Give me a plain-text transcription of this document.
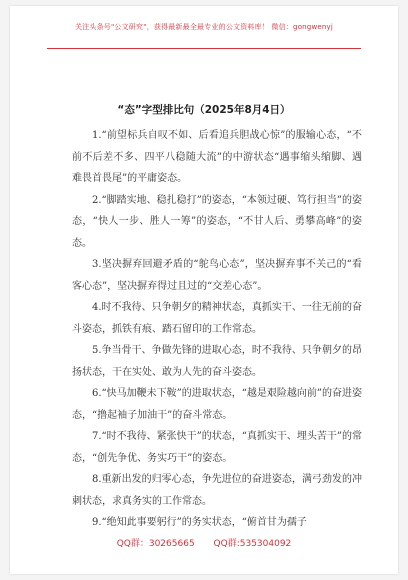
关注头条号"公文研究"，获得最新最全最专业的公文资料库！ 微信：gongwenyj
“态”字型排比句（2025年8月4日）

1.“前望标兵自叹不如、后看追兵胆战心惊”的服输心态，“不前不后差不多、四平八稳随大流”的中游状态“遇事缩头缩脚、遇难畏首畏尾”的平庸姿态。

2.“脚踏实地、稳扎稳打”的姿态，“本领过硬、笃行担当”的姿态，“快人一步、胜人一筹”的姿态，“不甘人后、勇攀高峰”的姿态。

3.坚决摒弃回避矛盾的“鸵鸟心态”，坚决摒弃事不关己的“看客心态”，坚决摒弃得过且过的“交差心态”。

4.时不我待、只争朝夕的精神状态，真抓实干、一往无前的奋斗姿态，抓铁有痕、踏石留印的工作常态。

5.争当骨干、争做先锋的进取心态，时不我待、只争朝夕的昂扬状态，干在实处、敢为人先的奋斗姿态。

6.“快马加鞭未下鞍”的进取状态，“越是艰险越向前”的奋进姿态，“撸起袖子加油干”的奋斗常态。

7.“时不我待、紧张快干”的状态，“真抓实干、埋头苦干”的常态，“创先争优、务实巧干”的姿态。

8.重新出发的归零心态，争先进位的奋进姿态，满弓劲发的冲刺状态，求真务实的工作常态。

9.“绝知此事要躬行”的务实状态，“俯首甘为孺子

QQ群：30265665 QQ群:535304092
